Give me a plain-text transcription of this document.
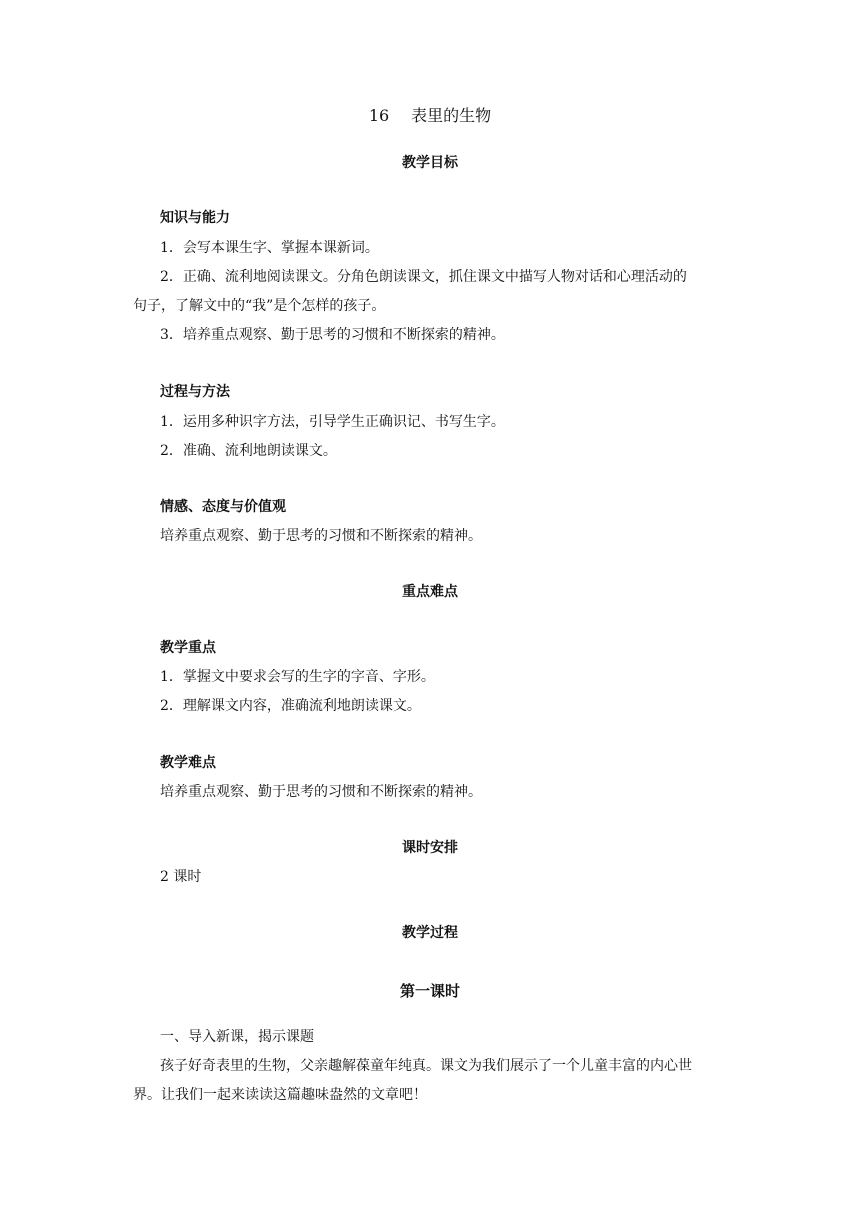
16 表里的生物
教学目标
知识与能力
1．会写本课生字、掌握本课新词。
2．正确、流利地阅读课文。分角色朗读课文，抓住课文中描写人物对话和心理活动的
句子，了解文中的“我”是个怎样的孩子。
3．培养重点观察、勤于思考的习惯和不断探索的精神。
过程与方法
1．运用多种识字方法，引导学生正确识记、书写生字。
2．准确、流利地朗读课文。
情感、态度与价值观
培养重点观察、勤于思考的习惯和不断探索的精神。
重点难点
教学重点
1．掌握文中要求会写的生字的字音、字形。
2．理解课文内容，准确流利地朗读课文。
教学难点
培养重点观察、勤于思考的习惯和不断探索的精神。
课时安排
2 课时
教学过程
第一课时
一、导入新课，揭示课题
孩子好奇表里的生物，父亲趣解葆童年纯真。课文为我们展示了一个儿童丰富的内心世
界。让我们一起来读读这篇趣味盎然的文章吧！
